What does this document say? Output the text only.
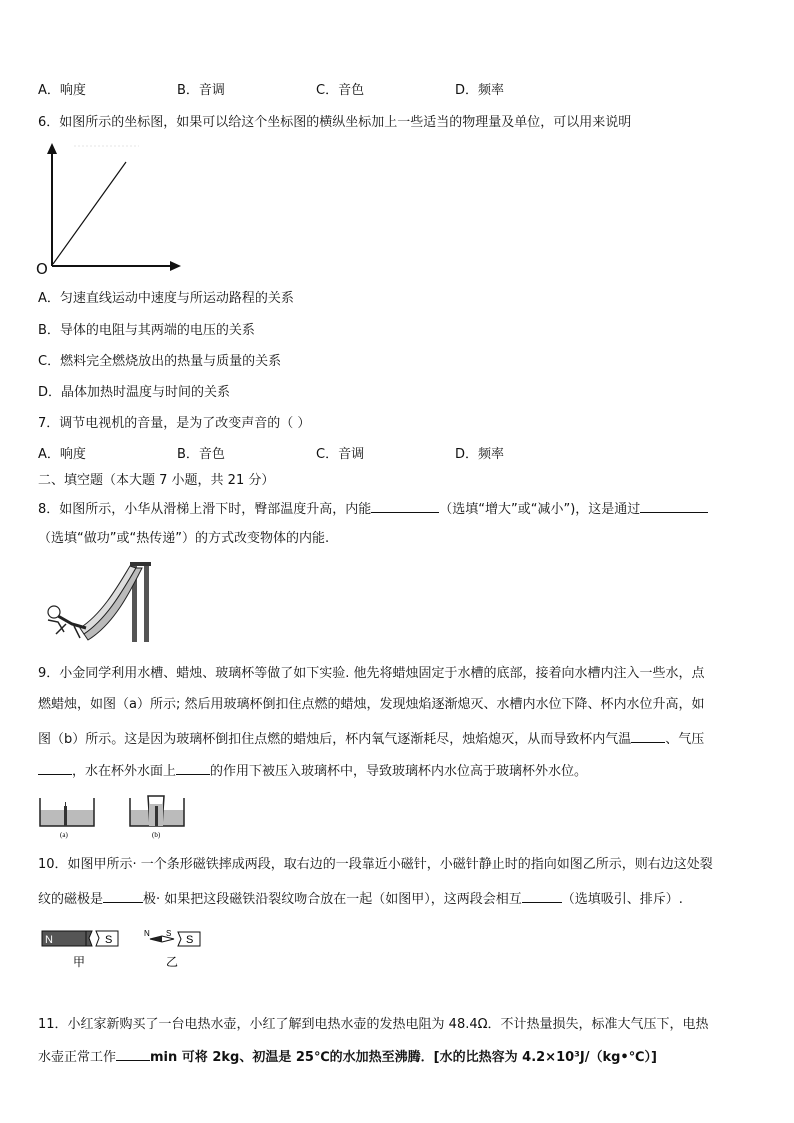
A．响度	B．音调	C．音色	D．频率
6．如图所示的坐标图，如果可以给这个坐标图的横纵坐标加上一些适当的物理量及单位，可以用来说明
O
A．匀速直线运动中速度与所运动路程的关系
B．导体的电阻与其两端的电压的关系
C．燃料完全燃烧放出的热量与质量的关系
D．晶体加热时温度与时间的关系
7．调节电视机的音量，是为了改变声音的（ ）
A．响度	B．音色	C．音调	D．频率
二、填空题（本大题 7 小题，共 21 分）
8．如图所示，小华从滑梯上滑下时，臀部温度升高，内能	（选填“增大”或“减小”)，这是通过
（选填“做功”或“热传递”）的方式改变物体的内能.
9．小金同学利用水槽、蜡烛、玻璃杯等做了如下实验. 他先将蜡烛固定于水槽的底部，接着向水槽内注入一些水，点
燃蜡烛，如图（a）所示; 然后用玻璃杯倒扣住点燃的蜡烛，发现烛焰逐渐熄灭、水槽内水位下降、杯内水位升高，如
图（b）所示。这是因为玻璃杯倒扣住点燃的蜡烛后，杯内氧气逐渐耗尽，烛焰熄灭，从而导致杯内气温	、气压
，水在杯外水面上	的作用下被压入玻璃杯中，导致玻璃杯内水位高于玻璃杯外水位。
(a)	(b)
10．如图甲所示· 一个条形磁铁摔成两段，取右边的一段靠近小磁针，小磁针静止时的指向如图乙所示，则右边这处裂
纹的磁极是	极· 如果把这段磁铁沿裂纹吻合放在一起（如图甲），这两段会相互	（选填吸引、排斥）.
N	S
甲
N S
S
乙
11．小红家新购买了一台电热水壶，小红了解到电热水壶的发热电阻为 48.4Ω．不计热量损失，标准大气压下，电热
水壶正常工作	min 可将 2kg、初温是 25℃的水加热至沸腾．[水的比热容为 4.2×10³J/（kg•℃）]
